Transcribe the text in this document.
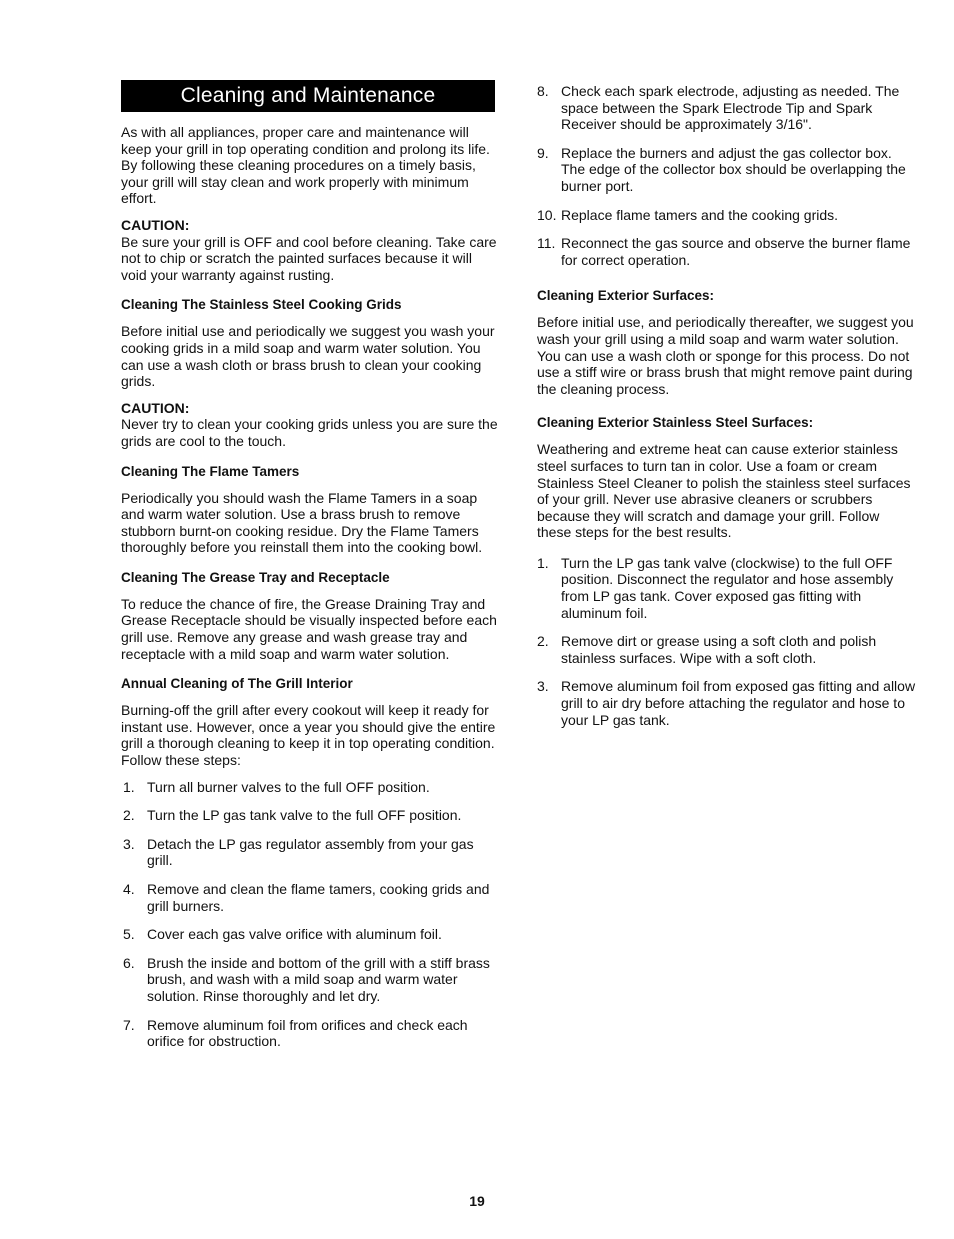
Cleaning and Maintenance

As with all appliances, proper care and maintenance will keep your grill in top operating condition and prolong its life. By following these cleaning procedures on a timely basis, your grill will stay clean and work properly with minimum effort.

CAUTION:

Be sure your grill is OFF and cool before cleaning. Take care not to chip or scratch the painted surfaces because it will void your warranty against rusting.

Cleaning The Stainless Steel Cooking Grids

Before initial use and periodically we suggest you wash your cooking grids in a mild soap and warm water solution. You can use a wash cloth or brass brush to clean your cooking grids.

CAUTION:

Never try to clean your cooking grids unless you are sure the grids are cool to the touch.

Cleaning The Flame Tamers

Periodically you should wash the Flame Tamers in a soap and warm water solution. Use a brass brush to remove stubborn burnt-on cooking residue. Dry the Flame Tamers thoroughly before you reinstall them into the cooking bowl.

Cleaning The Grease Tray and Receptacle

To reduce the chance of fire, the Grease Draining Tray and Grease Receptacle should be visually inspected before each grill use. Remove any grease and wash grease tray and receptacle with a mild soap and warm water solution.

Annual Cleaning of The Grill Interior

Burning-off the grill after every cookout will keep it ready for instant use. However, once a year you should give the entire grill a thorough cleaning to keep it in top operating condition. Follow these steps:

1. Turn all burner valves to the full OFF position.
2. Turn the LP gas tank valve to the full OFF position.
3. Detach the LP gas regulator assembly from your gas grill.
4. Remove and clean the flame tamers, cooking grids and grill burners.
5. Cover each gas valve orifice with aluminum foil.
6. Brush the inside and bottom of the grill with a stiff brass brush, and wash with a mild soap and warm water solution. Rinse thoroughly and let dry.
7. Remove aluminum foil from orifices and check each orifice for obstruction.
8. Check each spark electrode, adjusting as needed. The space between the Spark Electrode Tip and Spark Receiver should be approximately 3/16".
9. Replace the burners and adjust the gas collector box. The edge of the collector box should be overlapping the burner port.
10. Replace flame tamers and the cooking grids.
11. Reconnect the gas source and observe the burner flame for correct operation.
Cleaning Exterior Surfaces:

Before initial use, and periodically thereafter, we suggest you wash your grill using a mild soap and warm water solution. You can use a wash cloth or sponge for this process. Do not use a stiff wire or brass brush that might remove paint during the cleaning process.

Cleaning Exterior Stainless Steel Surfaces:

Weathering and extreme heat can cause exterior stainless steel surfaces to turn tan in color. Use a foam or cream Stainless Steel Cleaner to polish the stainless steel surfaces of your grill. Never use abrasive cleaners or scrubbers because they will scratch and damage your grill. Follow these steps for the best results.

1. Turn the LP gas tank valve (clockwise) to the full OFF position. Disconnect the regulator and hose assembly from LP gas tank. Cover exposed gas fitting with aluminum foil.
2. Remove dirt or grease using a soft cloth and polish stainless surfaces. Wipe with a soft cloth.
3. Remove aluminum foil from exposed gas fitting and allow grill to air dry before attaching the regulator and hose to your LP gas tank.
19
